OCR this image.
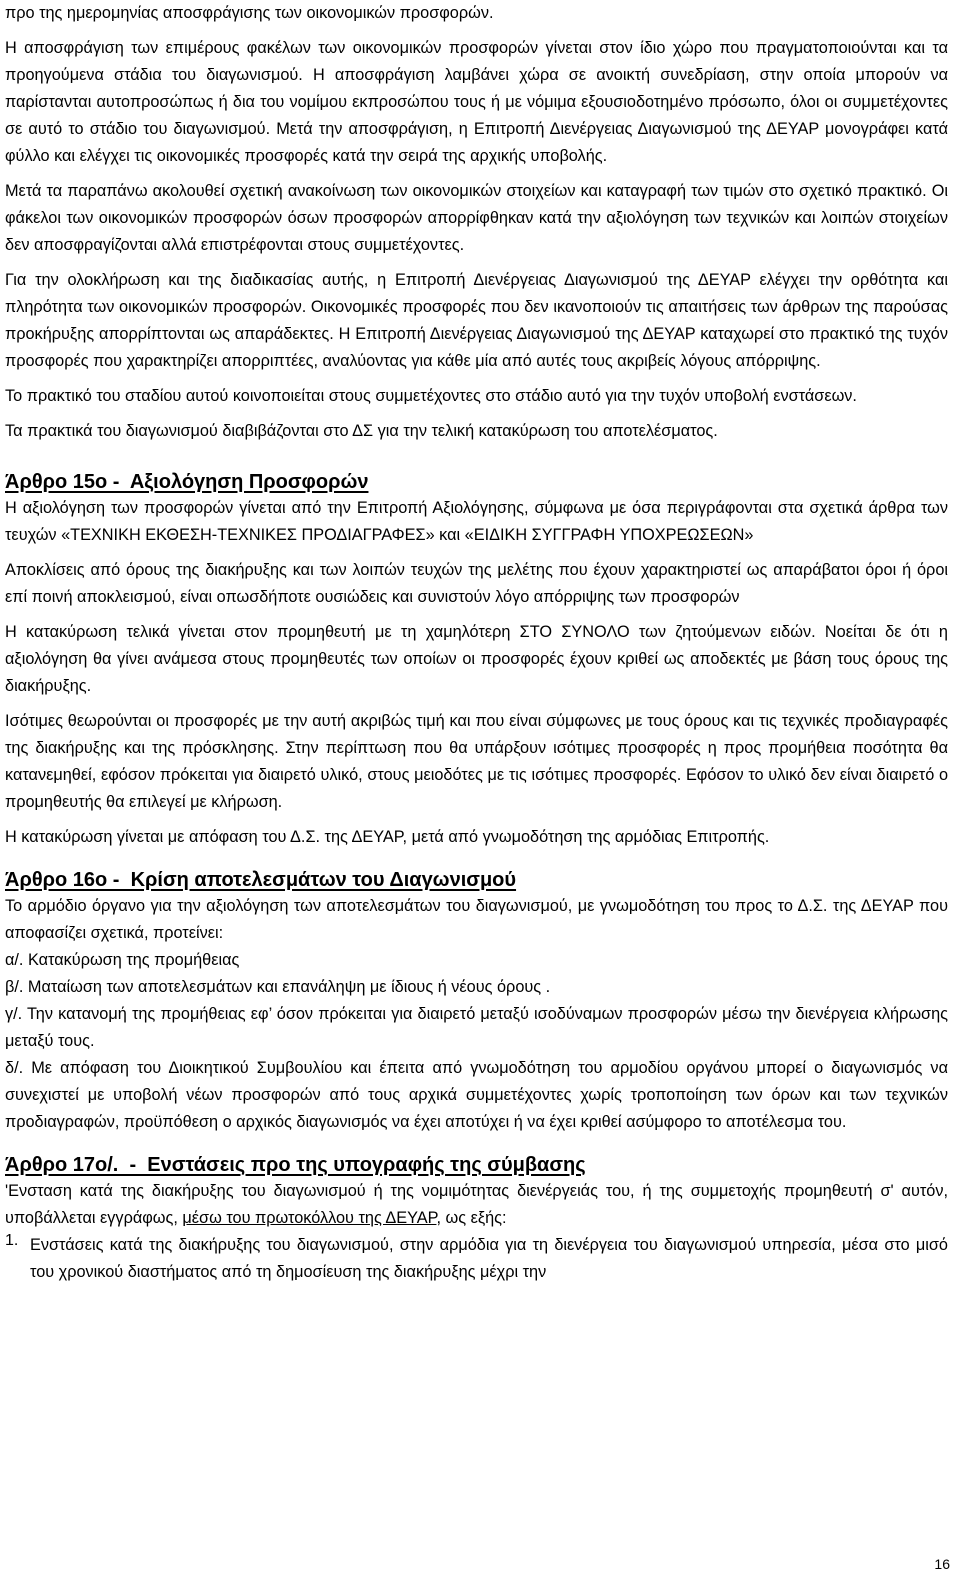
προ της ημερομηνίας αποσφράγισης των οικονομικών προσφορών.

Η αποσφράγιση των επιμέρους φακέλων των οικονομικών προσφορών γίνεται στον ίδιο χώρο που πραγματοποιούνται και τα προηγούμενα στάδια του διαγωνισμού. Η αποσφράγιση λαμβάνει χώρα σε ανοικτή συνεδρίαση, στην οποία μπορούν να παρίστανται αυτοπροσώπως ή δια του νομίμου εκπροσώπου τους ή με νόμιμα εξουσιοδοτημένο πρόσωπο, όλοι οι συμμετέχοντες σε αυτό το στάδιο του διαγωνισμού. Μετά την αποσφράγιση, η Επιτροπή Διενέργειας Διαγωνισμού της ΔΕΥΑΡ μονογράφει κατά φύλλο και ελέγχει τις οικονομικές προσφορές κατά την σειρά της αρχικής υποβολής.

Μετά τα παραπάνω ακολουθεί σχετική ανακοίνωση των οικονομικών στοιχείων και καταγραφή των τιμών στο σχετικό πρακτικό. Οι φάκελοι των οικονομικών προσφορών όσων προσφορών απορρίφθηκαν κατά την αξιολόγηση των τεχνικών και λοιπών στοιχείων δεν αποσφραγίζονται αλλά επιστρέφονται στους συμμετέχοντες.

Για την ολοκλήρωση και της διαδικασίας αυτής, η Επιτροπή Διενέργειας Διαγωνισμού της ΔΕΥΑΡ ελέγχει την ορθότητα και πληρότητα των οικονομικών προσφορών. Οικονομικές προσφορές που δεν ικανοποιούν τις απαιτήσεις των άρθρων της παρούσας προκήρυξης απορρίπτονται ως απαράδεκτες. Η Επιτροπή Διενέργειας Διαγωνισμού της ΔΕΥΑΡ καταχωρεί στο πρακτικό της τυχόν προσφορές που χαρακτηρίζει απορριπτέες, αναλύοντας για κάθε μία από αυτές τους ακριβείς λόγους απόρριψης.

Το πρακτικό του σταδίου αυτού κοινοποιείται στους συμμετέχοντες στο στάδιο αυτό για την τυχόν υποβολή ενστάσεων.

Τα πρακτικά του διαγωνισμού διαβιβάζονται στο ΔΣ για την τελική κατακύρωση του αποτελέσματος.

Άρθρο 15ο -  Αξιολόγηση Προσφορών

Η αξιολόγηση των προσφορών γίνεται από την Επιτροπή Αξιολόγησης, σύμφωνα με όσα περιγράφονται στα σχετικά άρθρα των τευχών «ΤΕΧΝΙΚΗ ΕΚΘΕΣΗ-ΤΕΧΝΙΚΕΣ ΠΡΟΔΙΑΓΡΑΦΕΣ» και «ΕΙΔΙΚΗ ΣΥΓΓΡΑΦΗ ΥΠΟΧΡΕΩΣΕΩΝ»

Αποκλίσεις από όρους της διακήρυξης και των λοιπών τευχών της μελέτης που έχουν χαρακτηριστεί ως απαράβατοι όροι ή όροι επί ποινή αποκλεισμού, είναι οπωσδήποτε ουσιώδεις και συνιστούν λόγο απόρριψης των προσφορών

Η κατακύρωση τελικά γίνεται στον προμηθευτή με τη χαμηλότερη ΣΤΟ ΣΥΝΟΛΟ των ζητούμενων ειδών. Νοείται δε ότι η αξιολόγηση θα γίνει ανάμεσα στους προμηθευτές των οποίων οι προσφορές έχουν κριθεί ως αποδεκτές με βάση τους όρους της διακήρυξης.

Ισότιμες θεωρούνται οι προσφορές με την αυτή ακριβώς τιμή και που είναι σύμφωνες με τους όρους και τις τεχνικές προδιαγραφές της διακήρυξης και της πρόσκλησης. Στην περίπτωση που θα υπάρξουν ισότιμες προσφορές η προς προμήθεια ποσότητα θα κατανεμηθεί, εφόσον πρόκειται για διαιρετό υλικό, στους μειοδότες με τις ισότιμες προσφορές. Εφόσον το υλικό δεν είναι διαιρετό ο προμηθευτής θα επιλεγεί με κλήρωση.

Η κατακύρωση γίνεται με απόφαση του Δ.Σ. της ΔΕΥΑΡ, μετά από γνωμοδότηση της αρμόδιας Επιτροπής.

Άρθρο 16ο -  Κρίση αποτελεσμάτων του Διαγωνισμού

Το αρμόδιο όργανο για την αξιολόγηση των αποτελεσμάτων του διαγωνισμού, με γνωμοδότηση του προς το Δ.Σ. της ΔΕΥΑΡ που αποφασίζει σχετικά, προτείνει:

α/. Κατακύρωση της προμήθειας

β/. Ματαίωση των αποτελεσμάτων και επανάληψη με ίδιους ή νέους όρους .

γ/. Την κατανομή της προμήθειας εφ’ όσον πρόκειται για διαιρετό μεταξύ ισοδύναμων προσφορών μέσω την διενέργεια κλήρωσης μεταξύ τους.

δ/. Με απόφαση του Διοικητικού Συμβουλίου και έπειτα από γνωμοδότηση του αρμοδίου οργάνου μπορεί ο διαγωνισμός να συνεχιστεί με υποβολή νέων προσφορών από τους αρχικά συμμετέχοντες χωρίς τροποποίηση των όρων και των τεχνικών προδιαγραφών, προϋπόθεση ο αρχικός διαγωνισμός να έχει αποτύχει ή να έχει κριθεί ασύμφορο το αποτέλεσμα του.

Άρθρο 17ο/.  -  Ενστάσεις προ της υπογραφής της σύμβασης

'Ενσταση κατά της διακήρυξης του διαγωνισμού ή της νομιμότητας διενέργειάς του, ή της συμμετοχής προμηθευτή σ' αυτόν, υποβάλλεται εγγράφως, μέσω του πρωτοκόλλου της ΔΕΥΑΡ, ως εξής:

1. Ενστάσεις κατά της διακήρυξης του διαγωνισμού, στην αρμόδια για τη διενέργεια του διαγωνισμού υπηρεσία, μέσα στο μισό του χρονικού διαστήματος από τη δημοσίευση της διακήρυξης μέχρι την

16
